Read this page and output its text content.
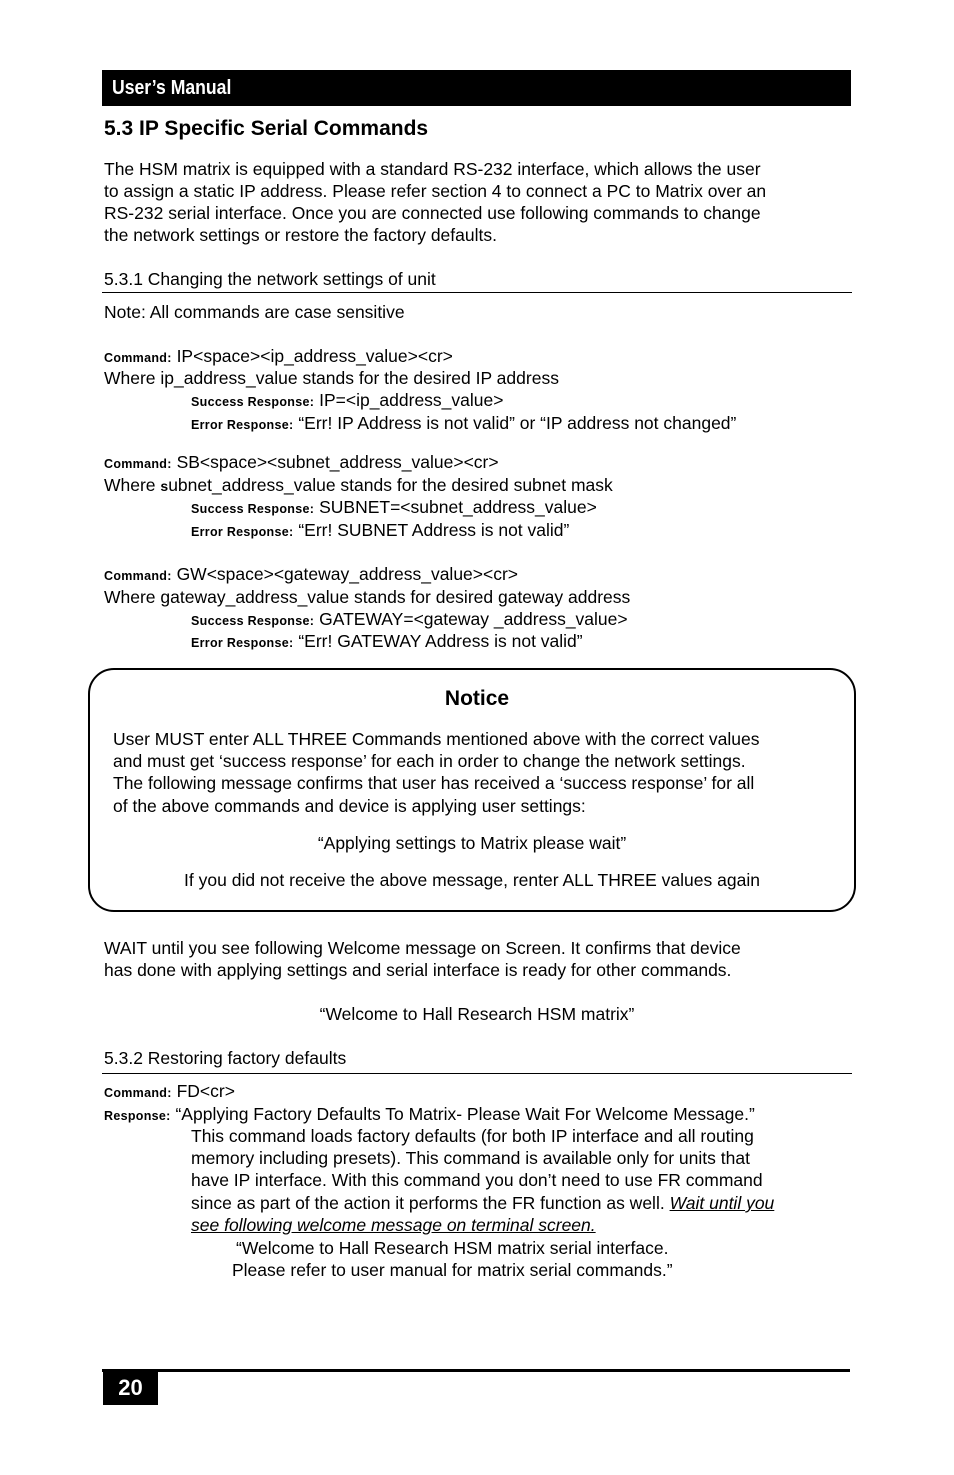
User’s Manual
5.3 IP Specific Serial Commands
The HSM matrix is equipped with a standard RS-232 interface, which allows the user
to assign a static IP address. Please refer section 4 to connect a PC to Matrix over an
RS-232 serial interface. Once you are connected use following commands to change
the network settings or restore the factory defaults.
5.3.1 Changing the network settings of unit
Note: All commands are case sensitive
Command: IP<space><ip_address_value><cr>
Where ip_address_value stands for the desired IP address
Success Response: IP=<ip_address_value>
Error Response: “Err! IP Address is not valid” or “IP address not changed”
Command: SB<space><subnet_address_value><cr>
Where subnet_address_value stands for the desired subnet mask
Success Response: SUBNET=<subnet_address_value>
Error Response: “Err! SUBNET Address is not valid”
Command: GW<space><gateway_address_value><cr>
Where gateway_address_value stands for desired gateway address
Success Response: GATEWAY=<gateway _address_value>
Error Response: “Err! GATEWAY Address is not valid”
Notice
User MUST enter ALL THREE Commands mentioned above with the correct values
and must get ‘success response’ for each in order to change the network settings.
The following message confirms that user has received a ‘success response’ for all
of the above commands and device is applying user settings:
“Applying settings to Matrix please wait”
If you did not receive the above message, renter ALL THREE values again
WAIT until you see following Welcome message on Screen. It confirms that device
has done with applying settings and serial interface is ready for other commands.
“Welcome to Hall Research HSM matrix”
5.3.2 Restoring factory defaults
Command: FD<cr>
Response: “Applying Factory Defaults To Matrix- Please Wait For Welcome Message.”
This command loads factory defaults (for both IP interface and all routing
memory including presets). This command is available only for units that
have IP interface. With this command you don’t need to use FR command
since as part of the action it performs the FR function as well. Wait until you
see following welcome message on terminal screen.
“Welcome to Hall Research HSM matrix serial interface.
Please refer to user manual for matrix serial commands.”
20
